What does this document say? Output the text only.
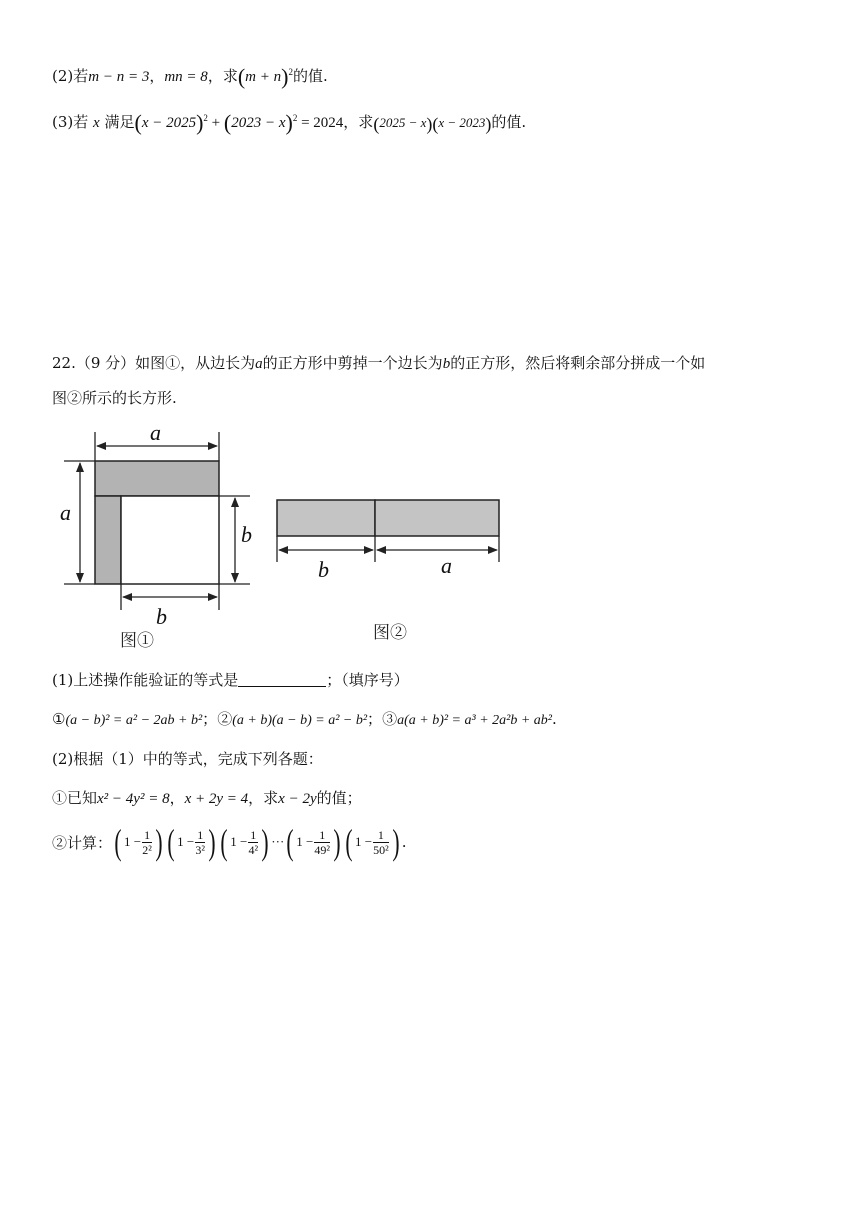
(2)若m − n = 3，mn = 8，求$(m + n)^2$的值.
(3)若 x 满足$(x - 2025)^2 + (2023 - x)^2 = 2024$，求(2025 − x)(x − 2023)的值.
22.（9 分）如图①，从边长为a的正方形中剪掉一个边长为b的正方形，然后将剩余部分拼成一个如
图②所示的长方形.
a
a
b
b
b	a
图①	图②
(1)上述操作能验证的等式是	；（填序号）
①(a − b)² = a² − 2ab + b²；②(a + b)(a − b) = a² − b²；③a(a + b)² = a³ + 2a²b + ab².
(2)根据（1）中的等式，完成下列各题：
①已知x² − 4y² = 8，x + 2y = 4，求x − 2y的值；
②计算： ( $1 - \frac{1}{\text{2²}}$ ) ( $1 - \frac{1}{\text{3²}}$ ) ( $1 - \frac{1}{\text{4²}}$ ) ··· ( $1 - \frac{1}{\text{49²}}$ ) ( $1 - \frac{1}{\text{50²}}$ ) .
